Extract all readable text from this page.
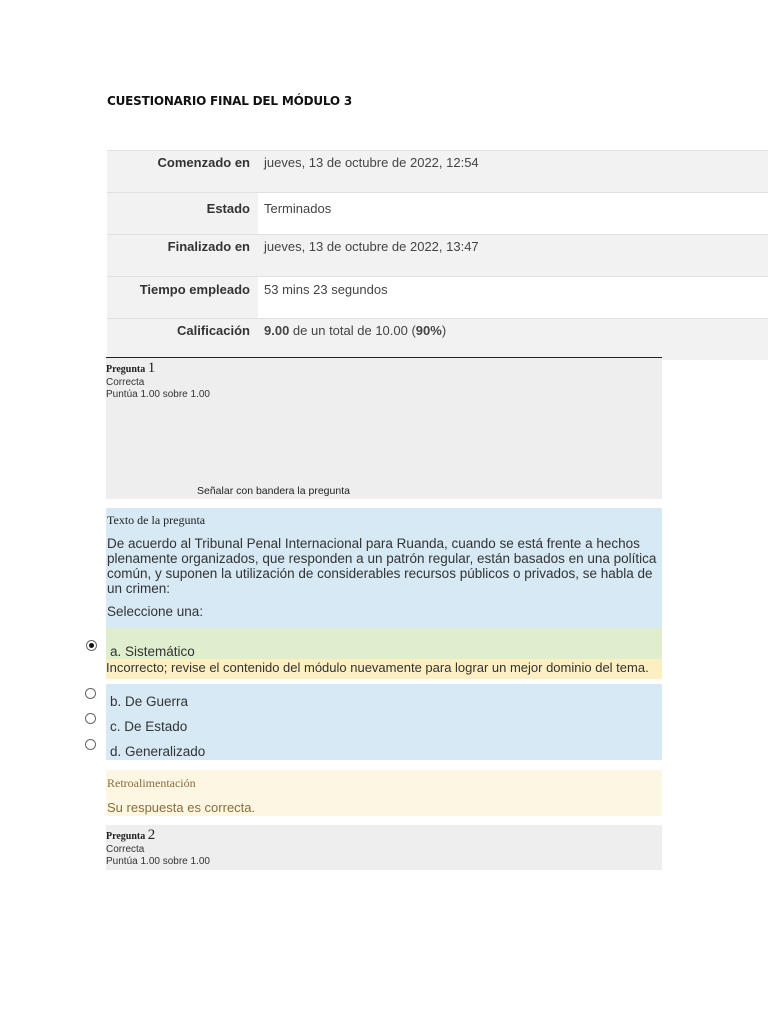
CUESTIONARIO FINAL DEL MÓDULO 3
Comenzado en jueves, 13 de octubre de 2022, 12:54
Estado Terminados
Finalizado en jueves, 13 de octubre de 2022, 13:47
Tiempo empleado 53 mins 23 segundos
Calificación 9.00 de un total de 10.00 (90%)
Pregunta 1
Correcta
Puntúa 1.00 sobre 1.00
Señalar con bandera la pregunta
Texto de la pregunta
De acuerdo al Tribunal Penal Internacional para Ruanda, cuando se está frente a hechos plenamente organizados, que responden a un patrón regular, están basados en una política común, y suponen la utilización de considerables recursos públicos o privados, se habla de un crimen:
Seleccione una:
a. Sistemático
Incorrecto; revise el contenido del módulo nuevamente para lograr un mejor dominio del tema.
b. De Guerra
c. De Estado
d. Generalizado
Retroalimentación
Su respuesta es correcta.
Pregunta 2
Correcta
Puntúa 1.00 sobre 1.00
